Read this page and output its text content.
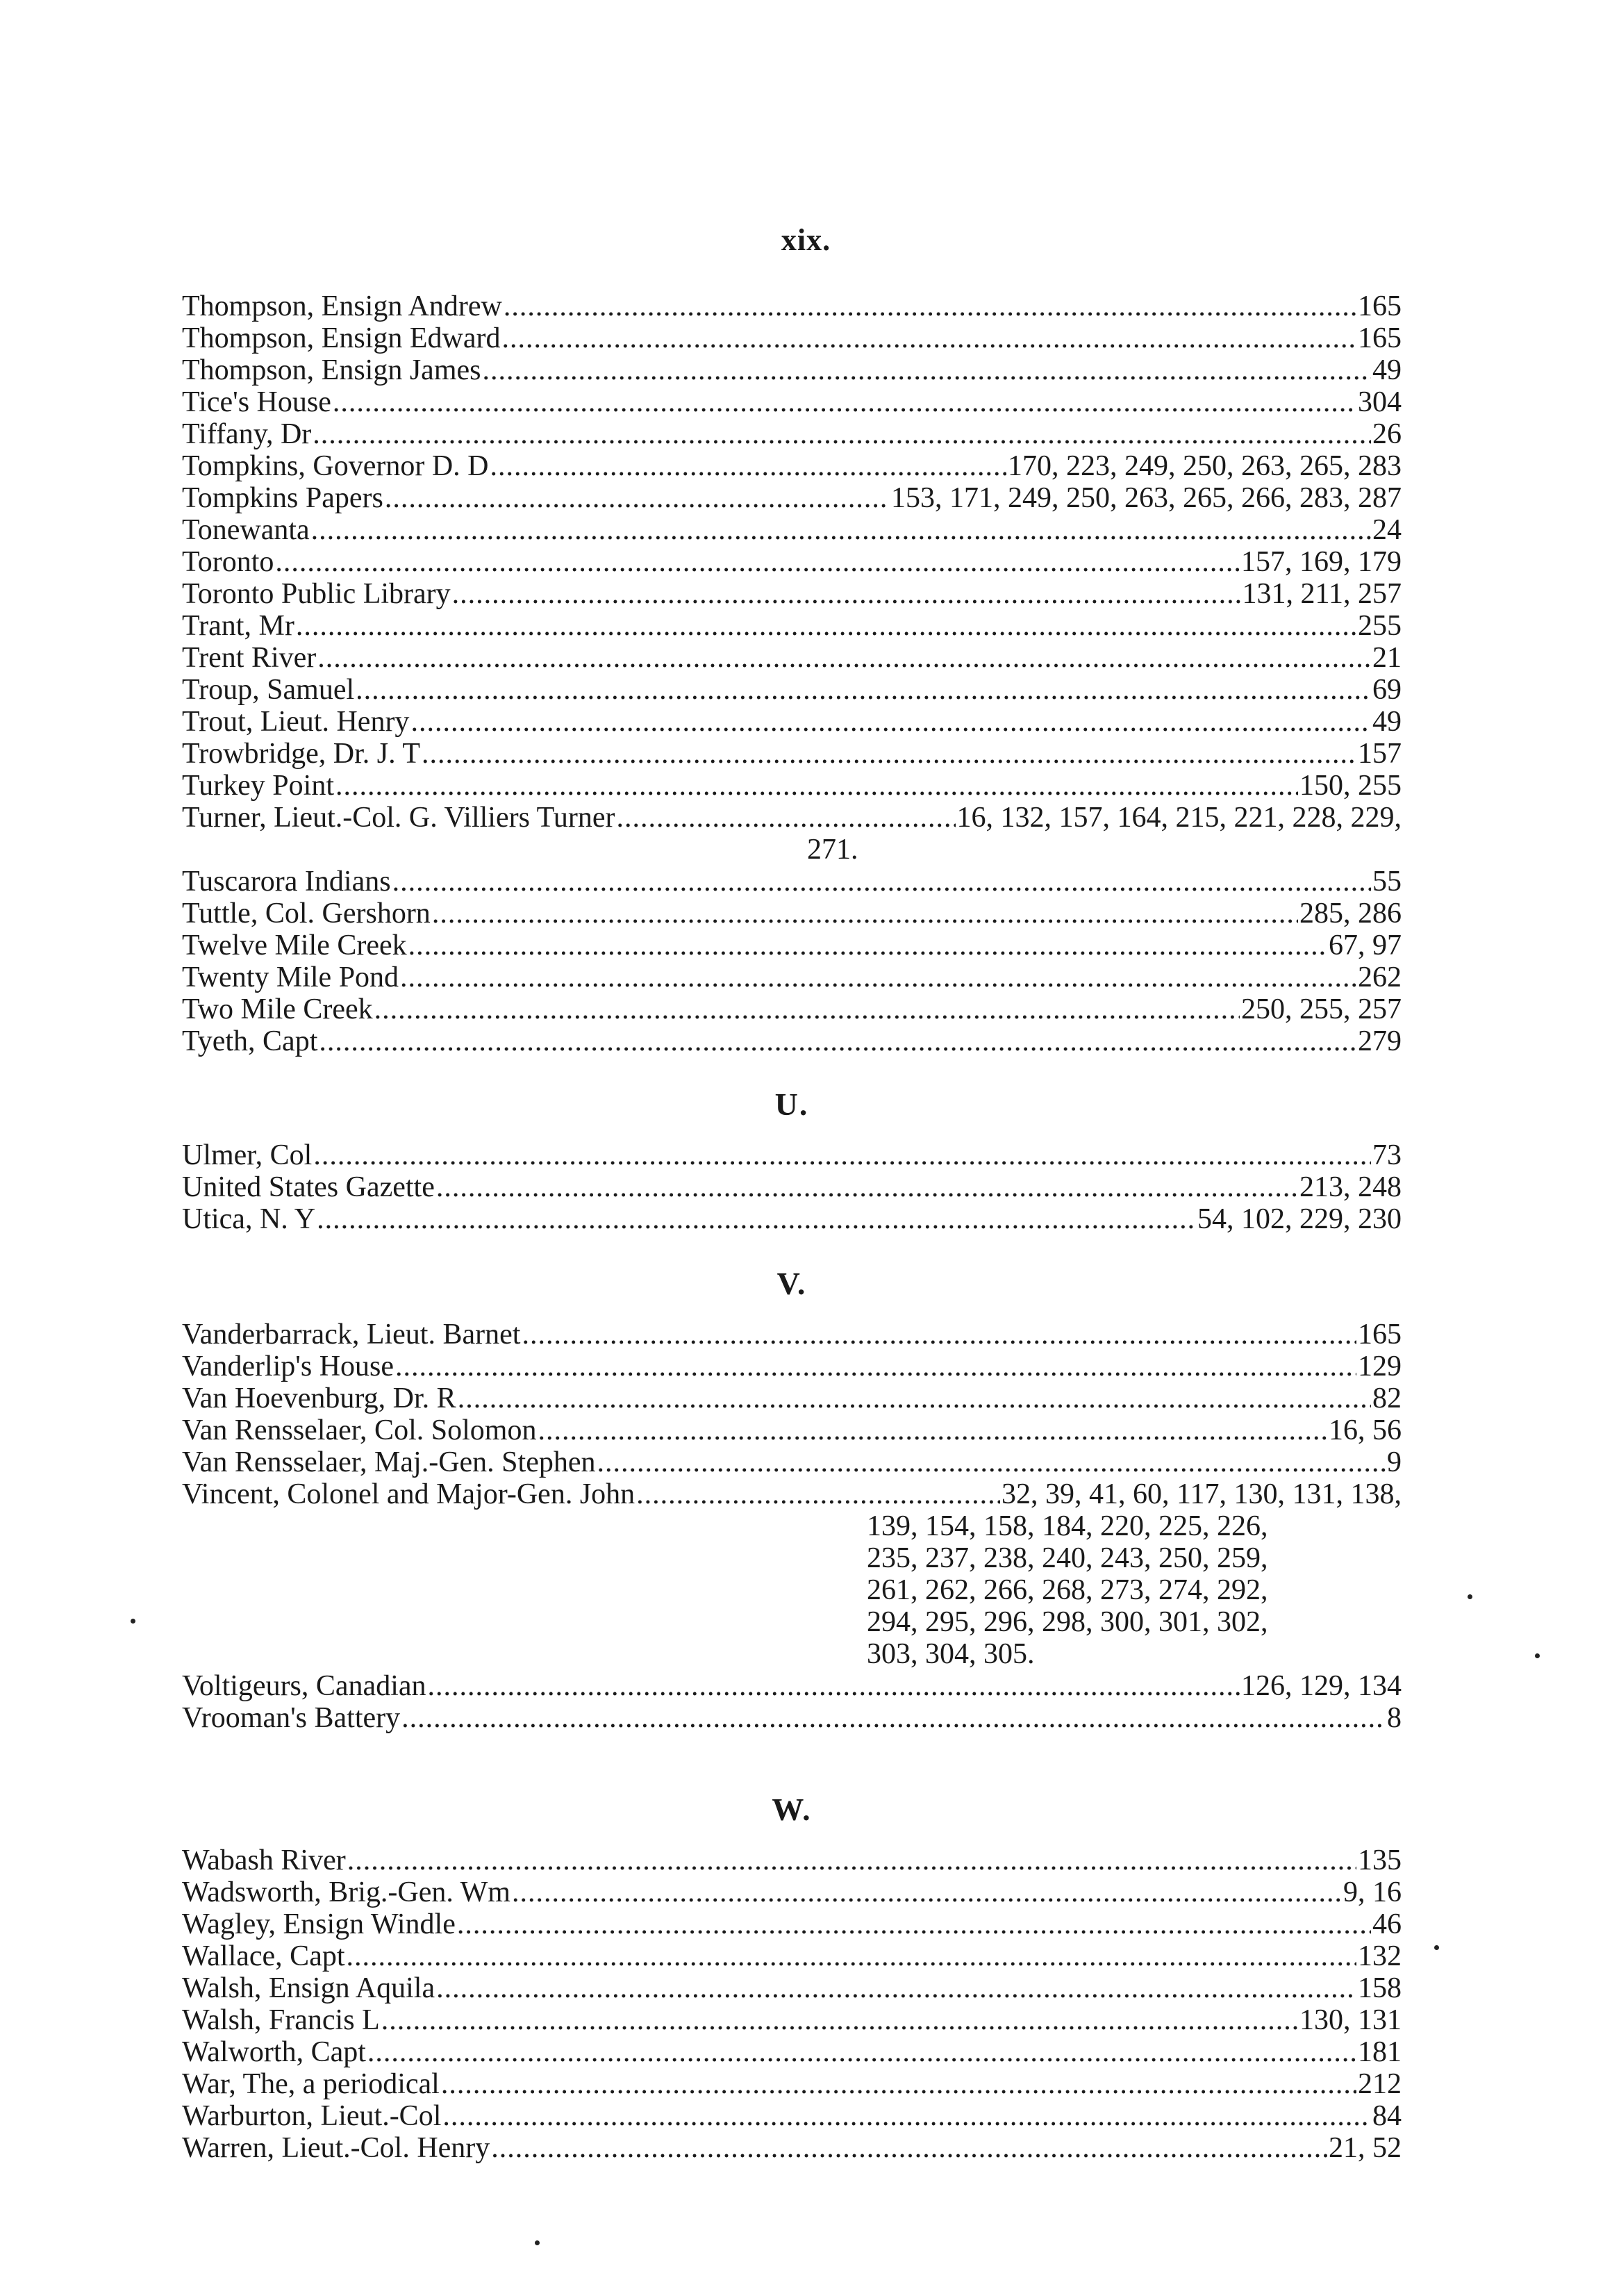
xix.
Thompson, Ensign Andrew .....	165
Thompson, Ensign Edward .....	165
Thompson, Ensign James .....	49
Tice's House .....	304
Tiffany, Dr .....	26
Tompkins, Governor D. D .....	170, 223, 249, 250, 263, 265, 283
Tompkins Papers .....	153, 171, 249, 250, 263, 265, 266, 283, 287
Tonewanta .....	24
Toronto .....	157, 169, 179
Toronto Public Library .....	131, 211, 257
Trant, Mr .....	255
Trent River .....	21
Troup, Samuel .....	69
Trout, Lieut. Henry .....	49
Trowbridge, Dr. J. T .....	157
Turkey Point .....	150, 255
Turner, Lieut.-Col. G. Villiers Turner .....	16, 132, 157, 164, 215, 221, 228, 229,
271.
Tuscarora Indians .....	55
Tuttle, Col. Gershorn .....	285, 286
Twelve Mile Creek .....	67, 97
Twenty Mile Pond .....	262
Two Mile Creek .....	250, 255, 257
Tyeth, Capt .....	279
U.
Ulmer, Col .....	73
United States Gazette .....	213, 248
Utica, N. Y .....	54, 102, 229, 230
V.
Vanderbarrack, Lieut. Barnet .....	165
Vanderlip's House .....	129
Van Hoevenburg, Dr. R .....	82
Van Rensselaer, Col. Solomon .....	16, 56
Van Rensselaer, Maj.-Gen. Stephen .....	9
Vincent, Colonel and Major-Gen. John .....	32, 39, 41, 60, 117, 130, 131, 138,
139, 154, 158, 184, 220, 225, 226,
235, 237, 238, 240, 243, 250, 259,
261, 262, 266, 268, 273, 274, 292,
294, 295, 296, 298, 300, 301, 302,
303, 304, 305.
Voltigeurs, Canadian .....	126, 129, 134
Vrooman's Battery .....	8
W.
Wabash River .....	135
Wadsworth, Brig.-Gen. Wm .....	9, 16
Wagley, Ensign Windle .....	46
Wallace, Capt .....	132
Walsh, Ensign Aquila .....	158
Walsh, Francis L .....	130, 131
Walworth, Capt .....	181
War, The, a periodical .....	212
Warburton, Lieut.-Col .....	84
Warren, Lieut.-Col. Henry .....	21, 52
